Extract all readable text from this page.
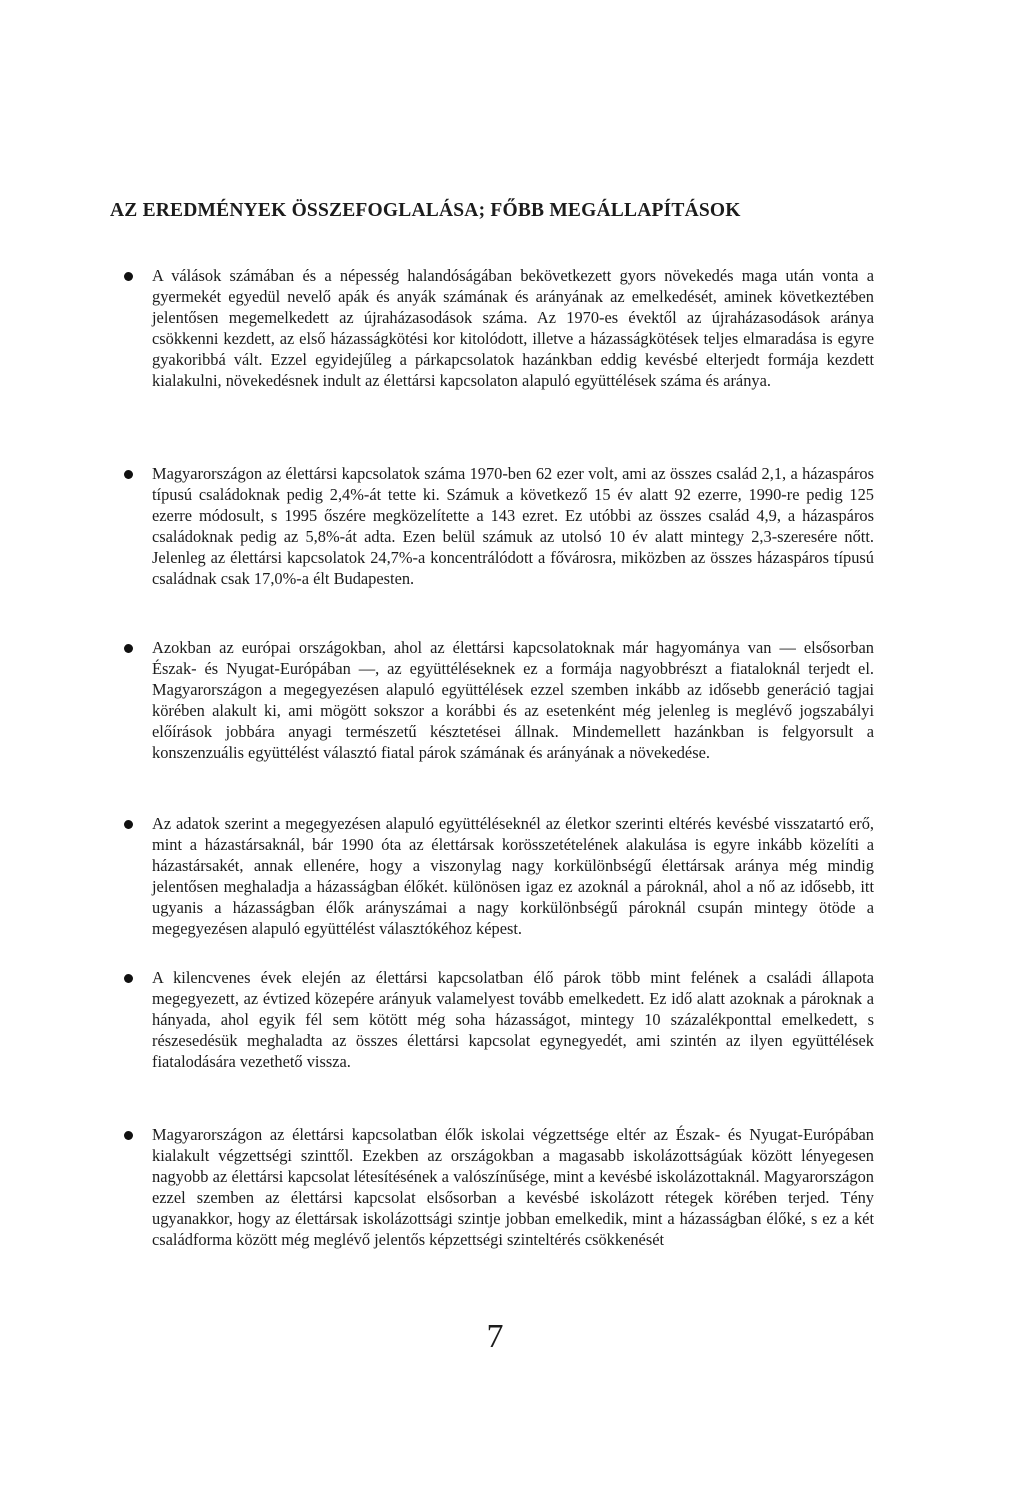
AZ EREDMÉNYEK ÖSSZEFOGLALÁSA; FŐBB MEGÁLLAPÍTÁSOK

A válások számában és a népesség halandóságában bekövetkezett gyors növekedés maga után vonta a gyermekét egyedül nevelő apák és anyák számának és arányának az emelkedését, aminek következtében jelentősen megemelkedett az újraházasodások száma. Az 1970-es évektől az újraházasodások aránya csökkenni kezdett, az első házasságkötési kor kitolódott, illetve a házasságkötések teljes elmaradása is egyre gyakoribbá vált. Ezzel egyidejűleg a párkapcsolatok hazánkban eddig kevésbé elterjedt formája kezdett kialakulni, növekedésnek indult az élettársi kapcsolaton alapuló együttélések száma és aránya.

Magyarországon az élettársi kapcsolatok száma 1970-ben 62 ezer volt, ami az összes család 2,1, a házaspáros típusú családoknak pedig 2,4%-át tette ki. Számuk a következő 15 év alatt 92 ezerre, 1990-re pedig 125 ezerre módosult, s 1995 őszére megközelítette a 143 ezret. Ez utóbbi az összes család 4,9, a házaspáros családoknak pedig az 5,8%-át adta. Ezen belül számuk az utolsó 10 év alatt mintegy 2,3-szeresére nőtt. Jelenleg az élettársi kapcsolatok 24,7%-a koncentrálódott a fővárosra, miközben az összes házaspáros típusú családnak csak 17,0%-a élt Budapesten.

Azokban az európai országokban, ahol az élettársi kapcsolatoknak már hagyománya van — elsősorban Észak- és Nyugat-Európában —, az együttéléseknek ez a formája nagyobbrészt a fiataloknál terjedt el. Magyarországon a megegyezésen alapuló együttélések ezzel szemben inkább az idősebb generáció tagjai körében alakult ki, ami mögött sokszor a korábbi és az esetenként még jelenleg is meglévő jogszabályi előírások jobbára anyagi természetű késztetései állnak. Mindemellett hazánkban is felgyorsult a konszenzuális együttélést választó fiatal párok számának és arányának a növekedése.

Az adatok szerint a megegyezésen alapuló együttéléseknél az életkor szerinti eltérés kevésbé visszatartó erő, mint a házastársaknál, bár 1990 óta az élettársak korösszetételének alakulása is egyre inkább közelíti a házastársakét, annak ellenére, hogy a viszonylag nagy korkülönbségű élettársak aránya még mindig jelentősen meghaladja a házasságban élőkét. különösen igaz ez azoknál a pároknál, ahol a nő az idősebb, itt ugyanis a házasságban élők arányszámai a nagy korkülönbségű pároknál csupán mintegy ötöde a megegyezésen alapuló együttélést választókéhoz képest.

A kilencvenes évek elején az élettársi kapcsolatban élő párok több mint felének a családi állapota megegyezett, az évtized közepére arányuk valamelyest tovább emelkedett. Ez idő alatt azoknak a pároknak a hányada, ahol egyik fél sem kötött még soha házasságot, mintegy 10 százalékponttal emelkedett, s részesedésük meghaladta az összes élettársi kapcsolat egynegyedét, ami szintén az ilyen együttélések fiatalodására vezethető vissza.

Magyarországon az élettársi kapcsolatban élők iskolai végzettsége eltér az Észak- és Nyugat-Európában kialakult végzettségi szinttől. Ezekben az országokban a magasabb iskolázottságúak között lényegesen nagyobb az élettársi kapcsolat létesítésének a valószínűsége, mint a kevésbé iskolázottaknál. Magyarországon ezzel szemben az élettársi kapcsolat elsősorban a kevésbé iskolázott rétegek körében terjed. Tény ugyanakkor, hogy az élettársak iskolázottsági szintje jobban emelkedik, mint a házasságban élőké, s ez a két családforma között még meglévő jelentős képzettségi szinteltérés csökkenését

7
